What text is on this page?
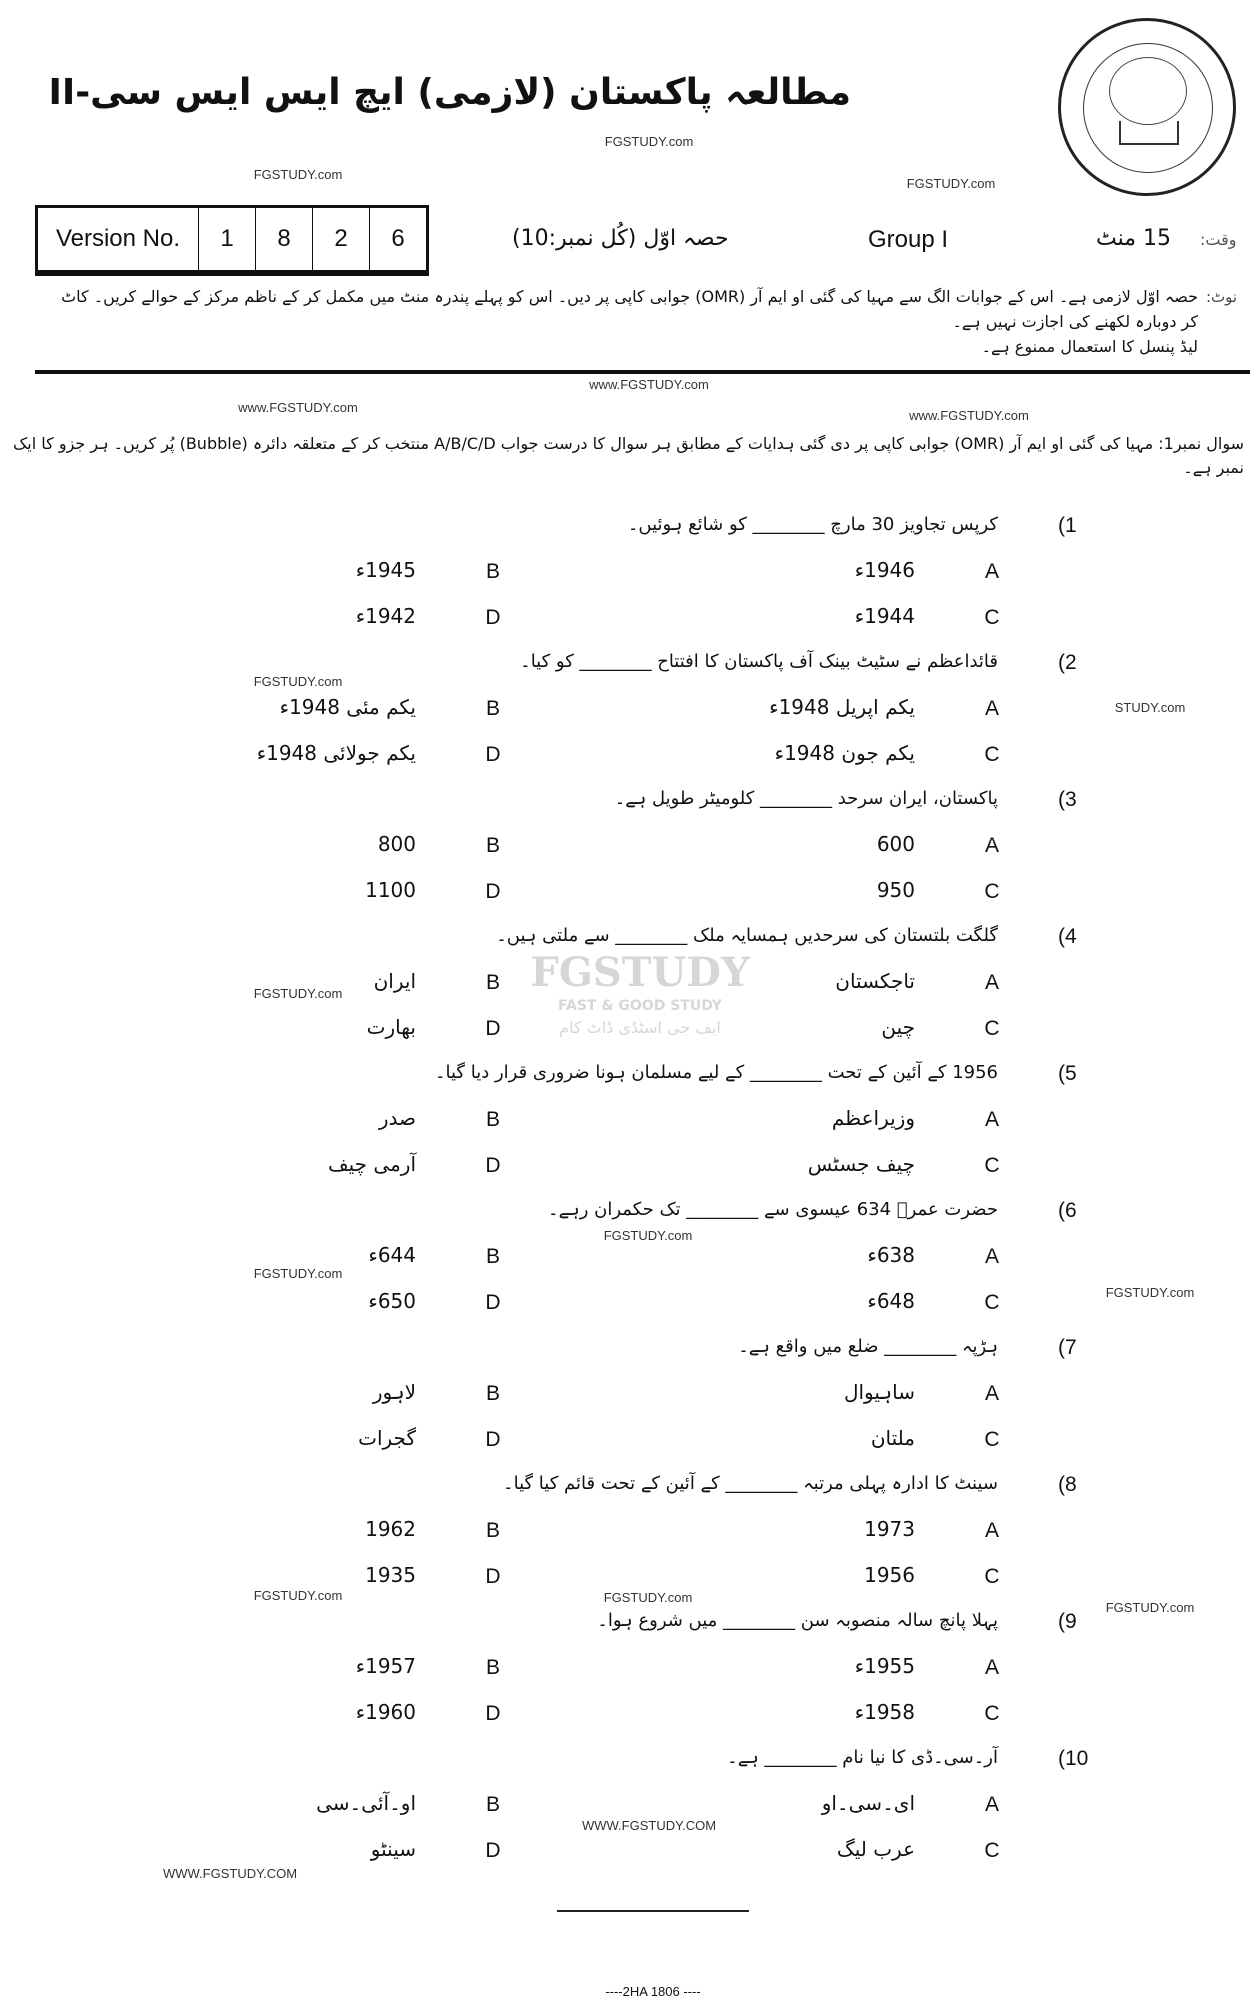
مطالعہ پاکستان (لازمی) ایچ ایس ایس سی-II
FGSTUDY.com
FGSTUDY.com
FGSTUDY.com
Version No.	1	8	2	6	حصہ اوّل (کُل نمبر:10)	Group I	15 منٹ وقت:
نوٹ:
حصہ اوّل لازمی ہے۔ اس کے جوابات الگ سے مہیا کی گئی او ایم آر (OMR) جوابی کاپی پر دیں۔ اس کو پہلے پندرہ منٹ میں مکمل کر کے ناظم مرکز کے حوالے کریں۔ کاٹ کر دوبارہ لکھنے کی اجازت نہیں ہے۔
لیڈ پنسل کا استعمال ممنوع ہے۔
www.FGSTUDY.com
www.FGSTUDY.com
www.FGSTUDY.com
سوال نمبر1: مہیا کی گئی او ایم آر (OMR) جوابی کاپی پر دی گئی ہدایات کے مطابق ہر سوال کا درست جواب A/B/C/D منتخب کر کے متعلقہ دائرہ (Bubble) پُر کریں۔ ہر جزو کا ایک نمبر ہے۔
FGSTUDY
FAST & GOOD STUDY
ایف جی اسٹڈی ڈاٹ کام
(1
کرپس تجاویز 30 مارچ ________ کو شائع ہوئیں۔
A
1946ء
B
1945ء
C
1944ء
D
1942ء
(2
قائداعظم نے سٹیٹ بینک آف پاکستان کا افتتاح ________ کو کیا۔
A
یکم اپریل 1948ء
B
یکم مئی 1948ء
C
یکم جون 1948ء
D
یکم جولائی 1948ء
(3
پاکستان، ایران سرحد ________ کلومیٹر طویل ہے۔
A
600
B
800
C
950
D
1100
(4
گلگت بلتستان کی سرحدیں ہمسایہ ملک ________ سے ملتی ہیں۔
A
تاجکستان
B
ایران
C
چین
D
بھارت
(5
1956 کے آئین کے تحت ________ کے لیے مسلمان ہونا ضروری قرار دیا گیا۔
A
وزیراعظم
B
صدر
C
چیف جسٹس
D
آرمی چیف
(6
حضرت عمرؓ 634 عیسوی سے ________ تک حکمران رہے۔
A
638ء
B
644ء
C
648ء
D
650ء
(7
ہڑپہ ________ ضلع میں واقع ہے۔
A
ساہیوال
B
لاہور
C
ملتان
D
گجرات
(8
سینٹ کا ادارہ پہلی مرتبہ ________ کے آئین کے تحت قائم کیا گیا۔
A
1973
B
1962
C
1956
D
1935
(9
پہلا پانچ سالہ منصوبہ سن ________ میں شروع ہوا۔
A
1955ء
B
1957ء
C
1958ء
D
1960ء
(10
آر۔سی۔ڈی کا نیا نام ________ ہے۔
A
ای۔سی۔او
B
او۔آئی۔سی
C
عرب لیگ
D
سینٹو
FGSTUDY.com
STUDY.com
FGSTUDY.com
FGSTUDY.com
FGSTUDY.com
FGSTUDY.com
FGSTUDY.com
FGSTUDY.com
FGSTUDY.com
WWW.FGSTUDY.COM
WWW.FGSTUDY.COM
----2HA 1806 ----
